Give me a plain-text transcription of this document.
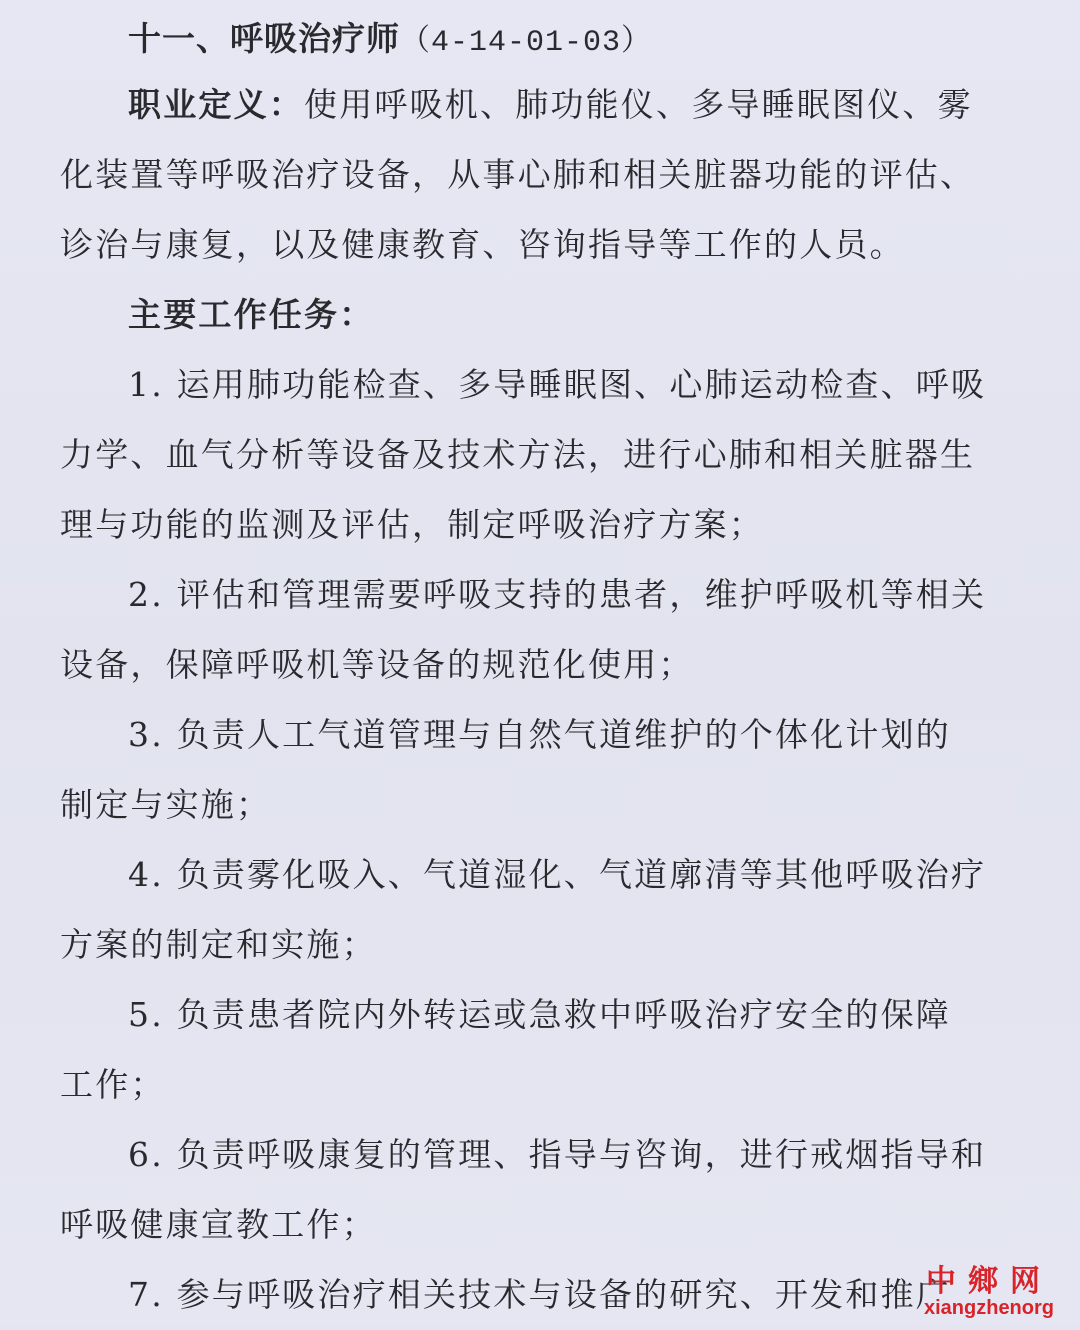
十一、呼吸治疗师（4-14-01-03）
职业定义：使用呼吸机、肺功能仪、多导睡眠图仪、雾
化装置等呼吸治疗设备，从事心肺和相关脏器功能的评估、
诊治与康复，以及健康教育、咨询指导等工作的人员。
主要工作任务：
1. 运用肺功能检查、多导睡眠图、心肺运动检查、呼吸
力学、血气分析等设备及技术方法，进行心肺和相关脏器生
理与功能的监测及评估，制定呼吸治疗方案；
2. 评估和管理需要呼吸支持的患者，维护呼吸机等相关
设备，保障呼吸机等设备的规范化使用；
3. 负责人工气道管理与自然气道维护的个体化计划的
制定与实施；
4. 负责雾化吸入、气道湿化、气道廓清等其他呼吸治疗
方案的制定和实施；
5. 负责患者院内外转运或急救中呼吸治疗安全的保障
工作；
6. 负责呼吸康复的管理、指导与咨询，进行戒烟指导和
呼吸健康宣教工作；
7. 参与呼吸治疗相关技术与设备的研究、开发和推广
中鄉网
xiangzhenorg
